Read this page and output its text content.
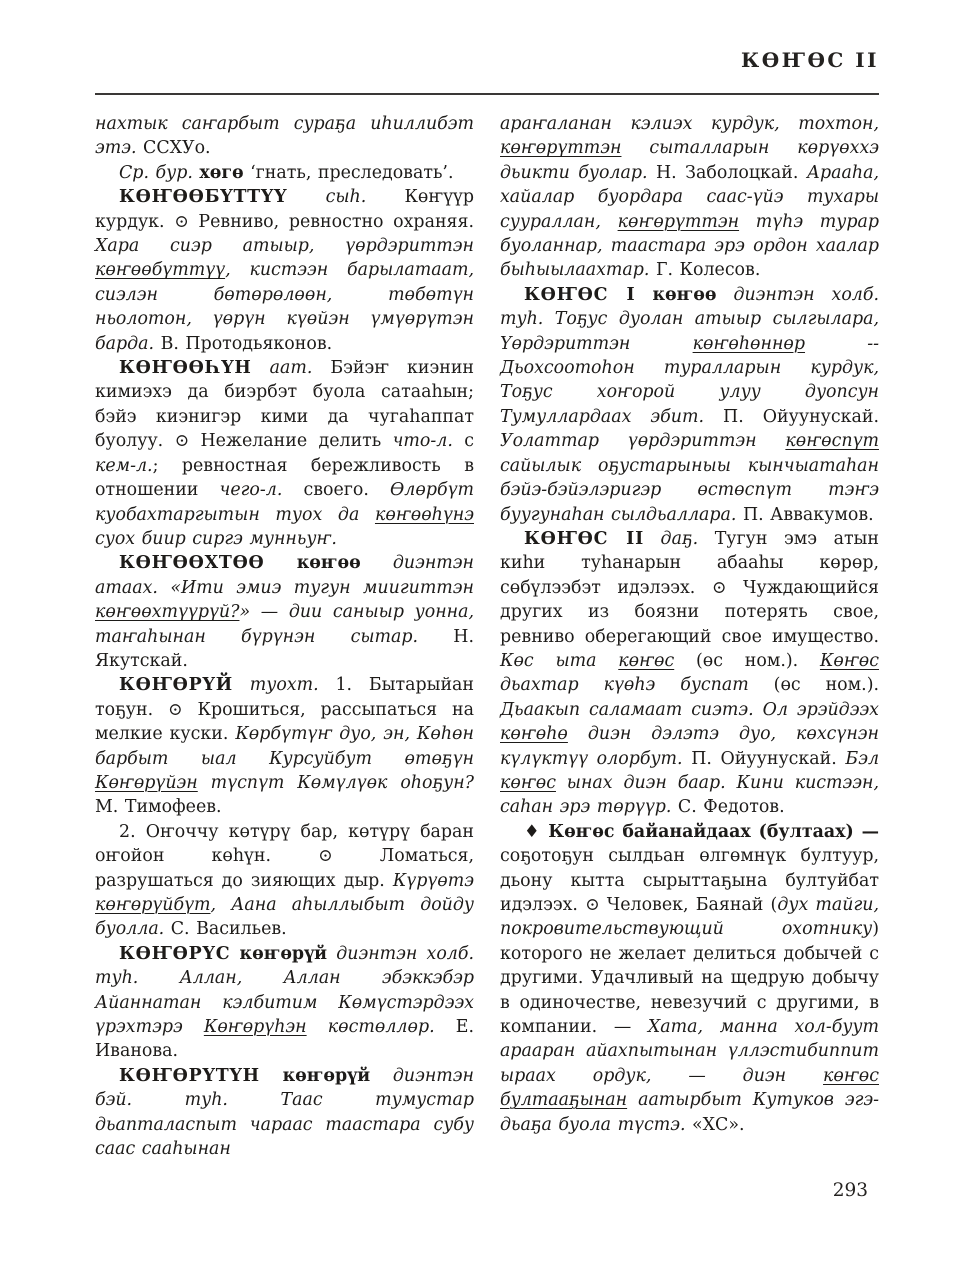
КӨҤӨС II

нахтык саҥарбыт сураҕа иһиллибэт этэ. ССХУо.

Ср. бур. хөгө ‘гнать, преследовать’.

КӨҤӨӨБҮТТҮҮ сыһ. Көҥүүр курдук. ⊙ Ревниво, ревностно охраняя. Хара сиэр атыыр, үөрдэриттэн көҥөөбүттүү, кистээн барылатаат, сиэлэн бөтөрөлөөн, төбөтүн ньолотон, үөрүн күөйэн үмүөрүтэн барда. В. Протодьяконов.

КӨҤӨӨҺҮН аат. Бэйэҥ киэнин кимиэхэ да биэрбэт буола сатааһын; бэйэ киэнигэр кими да чугаһаппат буолуу. ⊙ Нежелание делить что-л. с кем-л.; ревностная бережливость в отношении чего-л. своего. Өлөрбүт куобахтаргытын туох да көҥөөһүнэ суох биир сиргэ мунньуҥ.

КӨҤӨӨХТӨӨ көҥөө диэнтэн атаах. «Ити эмиэ тугун миигиттэн көҥөөхтүүрүй?» — дии саныыр уонна, таҥаһынан бүрүнэн сытар. Н. Якутскай.

КӨҤӨРҮЙ туохт. 1. Бытарыйан тоҕун. ⊙ Крошиться, рассыпаться на мелкие куски. Көрбүтүҥ дуо, эн, Көһөн барбыт ыал Курсуйбут өтөҕүн Көҥөрүйэн түспүт Көмүлүөк оһоҕун? М. Тимофеев.

2. Оҥоччу көтүрү бар, көтүрү баран оҥойон көһүн. ⊙ Ломаться, разрушаться до зияющих дыр. Күрүөтэ көҥөрүйбүт, Аана аһыллыбыт дойду буолла. С. Васильев.

КӨҤӨРҮС көҥөрүй диэнтэн холб. туһ. Аллан, Аллан эбэккэбэр Айаннатан кэлбитим Көмүстэрдээх үрэхтэрэ Көҥөрүһэн көстөллөр. Е. Иванова.

КӨҤӨРҮТҮН көҥөрүй диэнтэн бэй. туһ. Таас тумустар дьапталаспыт чараас таастара субу саас сааһынан

араҥаланан кэлиэх курдук, тохтон, көҥөрүттэн сыталларын көрүөххэ дьикти буолар. Н. Заболоцкай. Арааһа, хайалар буордара саас-үйэ тухары суураллан, көҥөрүттэн түһэ турар буоланнар, таастара эрэ ордон хаалар быһыылаахтар. Г. Колесов.

КӨҤӨС I көҥөө диэнтэн холб. туһ. Тоҕус дуолан атыыр сылгылара, Үөрдэриттэн көҥөһөннөр -- Дьохсоотоһон туралларын курдук, Тоҕус хоҥорой улуу дуопсун Тумуллардаах эбит. П. Ойуунускай. Уолаттар үөрдэриттэн көҥөспүт сайылык оҕустарыныы кынчыатаһан бэйэ-бэйэлэригэр өстөспүт тэҥэ буугунаһан сылдьаллара. П. Аввакумов.

КӨҤӨС II даҕ. Тугун эмэ атын киһи туһанарын абааһы көрөр, сөбүлээбэт идэлээх. ⊙ Чуждающийся других из боязни потерять свое, ревниво оберегающий свое имущество. Көс ыта көҥөс (өс ном.). Көҥөс дьахтар күөһэ буспат (өс ном.). Дьаакып саламаат сиэтэ. Ол эрэйдээх көҥөһө диэн дэлэтэ дуо, көхсүнэн күлүктүү олорбут. П. Ойуунускай. Бэл көҥөс ынах диэн баар. Кини кистээн, саһан эрэ төрүүр. С. Федотов.

♦ Көҥөс байанайдаах (бултаах) — соҕотоҕун сылдьан өлгөмнүк бултуур, дьону кытта сырыттаҕына бултуйбат идэлээх. ⊙ Человек, Баянай (дух тайги, покровительствующий охотнику) которого не желает делиться добычей с другими. Удачливый на щедрую добычу в одиночестве, невезучий с другими, в компании. — Хата, манна хол-буут арааран айахпытынан үллэстибиппит ыраах ордук, — диэн көҥөс бултааҕынан аатырбыт Кутуков эгэ-дьаҕа буола түстэ. «ХС».

293
